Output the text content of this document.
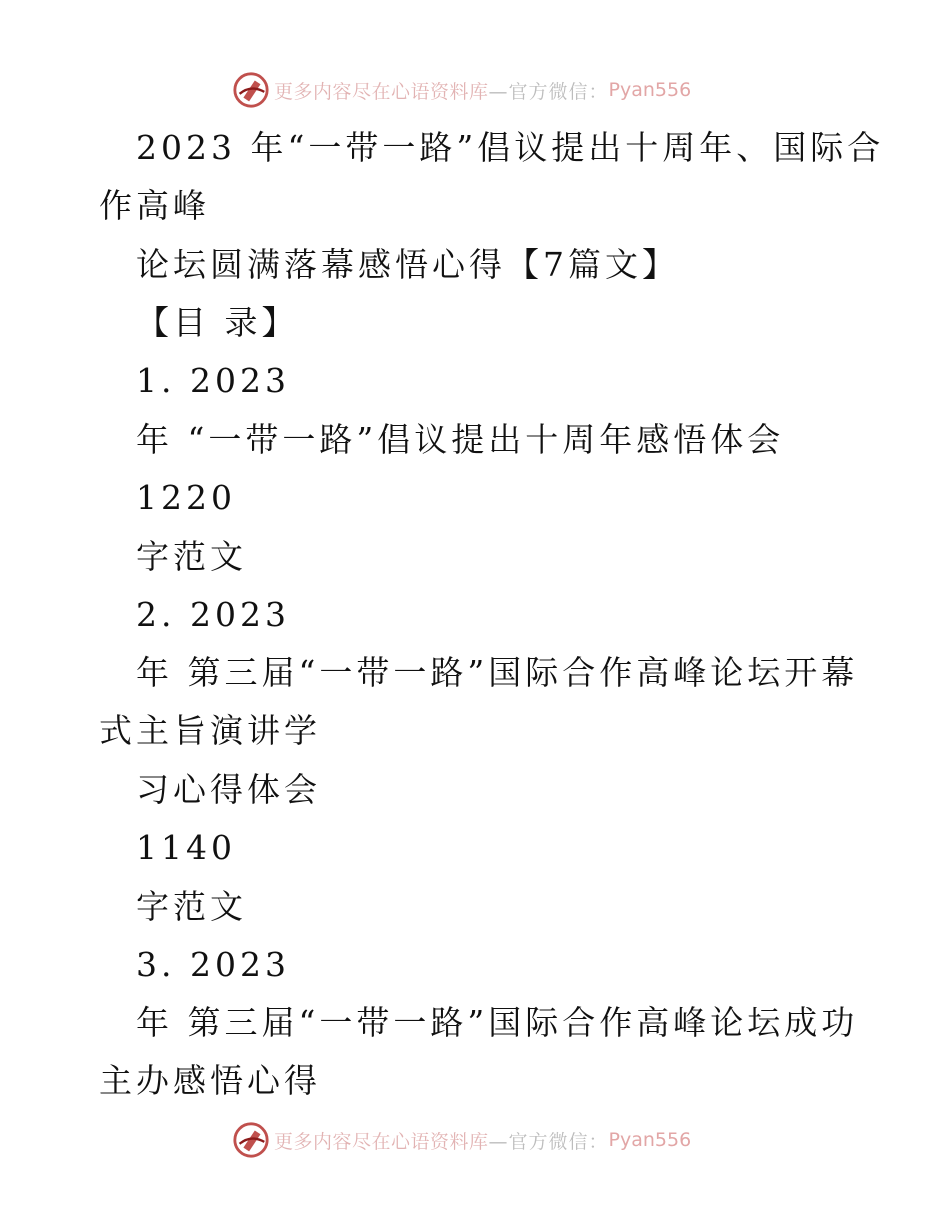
更多内容尽在心语资料库 —官方微信： Pyan556
2023 年“一带一路”倡议提出十周年、国际合
作高峰
论坛圆满落幕感悟心得【7篇文】
【目 录】
1. 2023
年 “一带一路”倡议提出十周年感悟体会
1220
字范文
2. 2023
年 第三届“一带一路”国际合作高峰论坛开幕
式主旨演讲学
习心得体会
1140
字范文
3. 2023
年 第三届“一带一路”国际合作高峰论坛成功
主办感悟心得
更多内容尽在心语资料库 —官方微信： Pyan556
